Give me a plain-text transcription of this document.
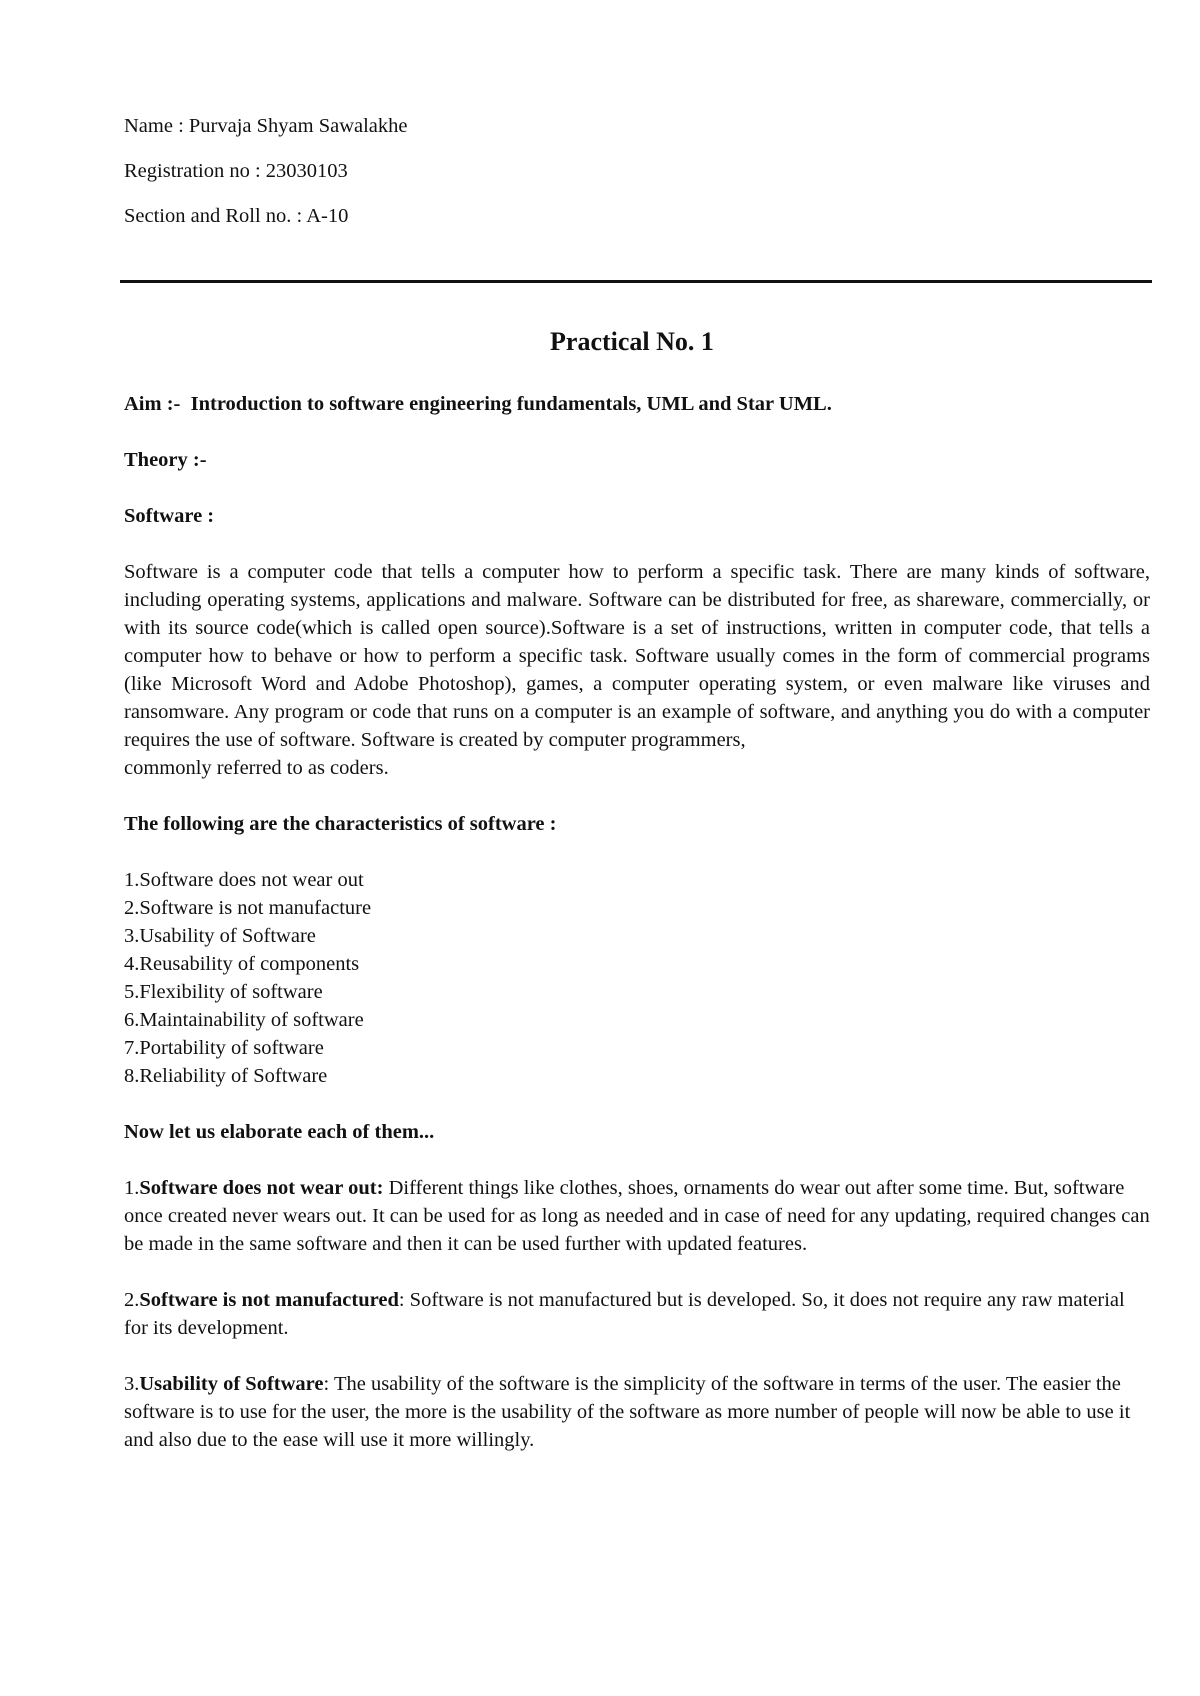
Name : Purvaja Shyam Sawalakhe

Registration no : 23030103

Section and Roll no. : A-10

Practical No. 1

Aim :- Introduction to software engineering fundamentals, UML and Star UML.

Theory :-

Software :

Software is a computer code that tells a computer how to perform a specific task. There are many kinds of software, including operating systems, applications and malware. Software can be distributed for free, as shareware, commercially, or with its source code(which is called open source).Software is a set of instructions, written in computer code, that tells a computer how to behave or how to perform a specific task. Software usually comes in the form of commercial programs (like Microsoft Word and Adobe Photoshop), games, a computer operating system, or even malware like viruses and ransomware. Any program or code that runs on a computer is an example of software, and anything you do with a computer requires the use of software. Software is created by computer programmers,

commonly referred to as coders.

The following are the characteristics of software :

1.Software does not wear out
2.Software is not manufacture
3.Usability of Software
4.Reusability of components
5.Flexibility of software
6.Maintainability of software
7.Portability of software
8.Reliability of Software

Now let us elaborate each of them...

1.Software does not wear out: Different things like clothes, shoes, ornaments do wear out after some time. But, software once created never wears out. It can be used for as long as needed and in case of need for any updating, required changes can be made in the same software and then it can be used further with updated features.

2.Software is not manufactured: Software is not manufactured but is developed. So, it does not require any raw material for its development.

3.Usability of Software: The usability of the software is the simplicity of the software in terms of the user. The easier the software is to use for the user, the more is the usability of the software as more number of people will now be able to use it and also due to the ease will use it more willingly.
